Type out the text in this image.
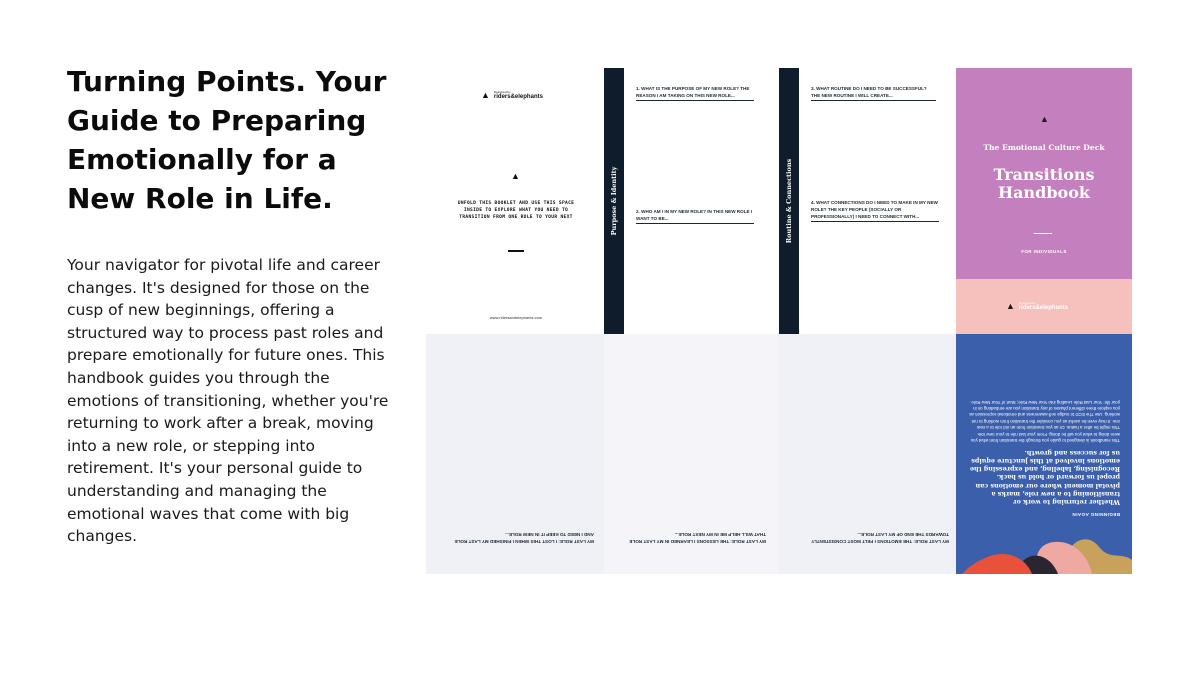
Turning Points. Your Guide to Preparing Emotionally for a New Role in Life.

Your navigator for pivotal life and career changes. It's designed for those on the cusp of new beginnings, offering a structured way to process past roles and prepare emotionally for future ones. This handbook guides you through the emotions of transitioning, whether you're returning to work after a break, moving into a new role, or stepping into retirement. It's your personal guide to understanding and managing the emotional waves that come with big changes.

▲ Designed by
riders&elephants
▲
UNFOLD THIS BOOKLET AND USE THIS SPACE INSIDE TO EXPLORE WHAT YOU NEED TO TRANSITION FROM ONE ROLE TO YOUR NEXT
www.ridersandelephants.com
Purpose & Identity
1. WHAT IS THE PURPOSE OF MY NEW ROLE? THE REASON I AM TAKING ON THIS NEW ROLE...
2. WHO AM I IN MY NEW ROLE? IN THIS NEW ROLE I WANT TO BE...	Routine & Connections
3. WHAT ROUTINE DO I NEED TO BE SUCCESSFUL? THE NEW ROUTINE I WILL CREATE...
4. WHAT CONNECTIONS DO I NEED TO MAKE IN MY NEW ROLE? THE KEY PEOPLE (SOCIALLY OR PROFESSIONALLY) I NEED TO CONNECT WITH...
▲
The Emotional Culture Deck
Transitions Handbook
FOR INDIVIDUALS
▲ Designed by
riders&elephants
MY LAST ROLE: I LOST THIS WHEN I FINISHED MY LAST ROLE AND I NEED TO KEEP IT IN NEW ROLE...
MY LAST ROLE: THE LESSONS I LEARNED IN MY LAST ROLE THAT WILL HELP ME IN MY NEXT ROLE...
MY LAST ROLE: THE EMOTIONS I FELT MOST CONSISTENTLY TOWARDS THE END OF MY LAST ROLE...
BEGINNING AGAIN
Whether returning to work or transitioning to a new role, marks a pivotal moment where our emotions can propel us forward or hold us back. Recognising, labeling, and expressing the emotions involved at this juncture equips us for success and growth.
This Handbook is designed to guide you through the transition from what you were doing to what you will be doing. From your last role to your new role. This might be after a hiatus. Or as you transition from an old role to a new one. It may even be useful as you consider the transition from working to not working. Use The ECD to nudge self-awareness and emotional expression as you explore three different phases of any transition you are embarking on in your life: Your Last Role Leading into Your New Role; Start of Your New Role.
